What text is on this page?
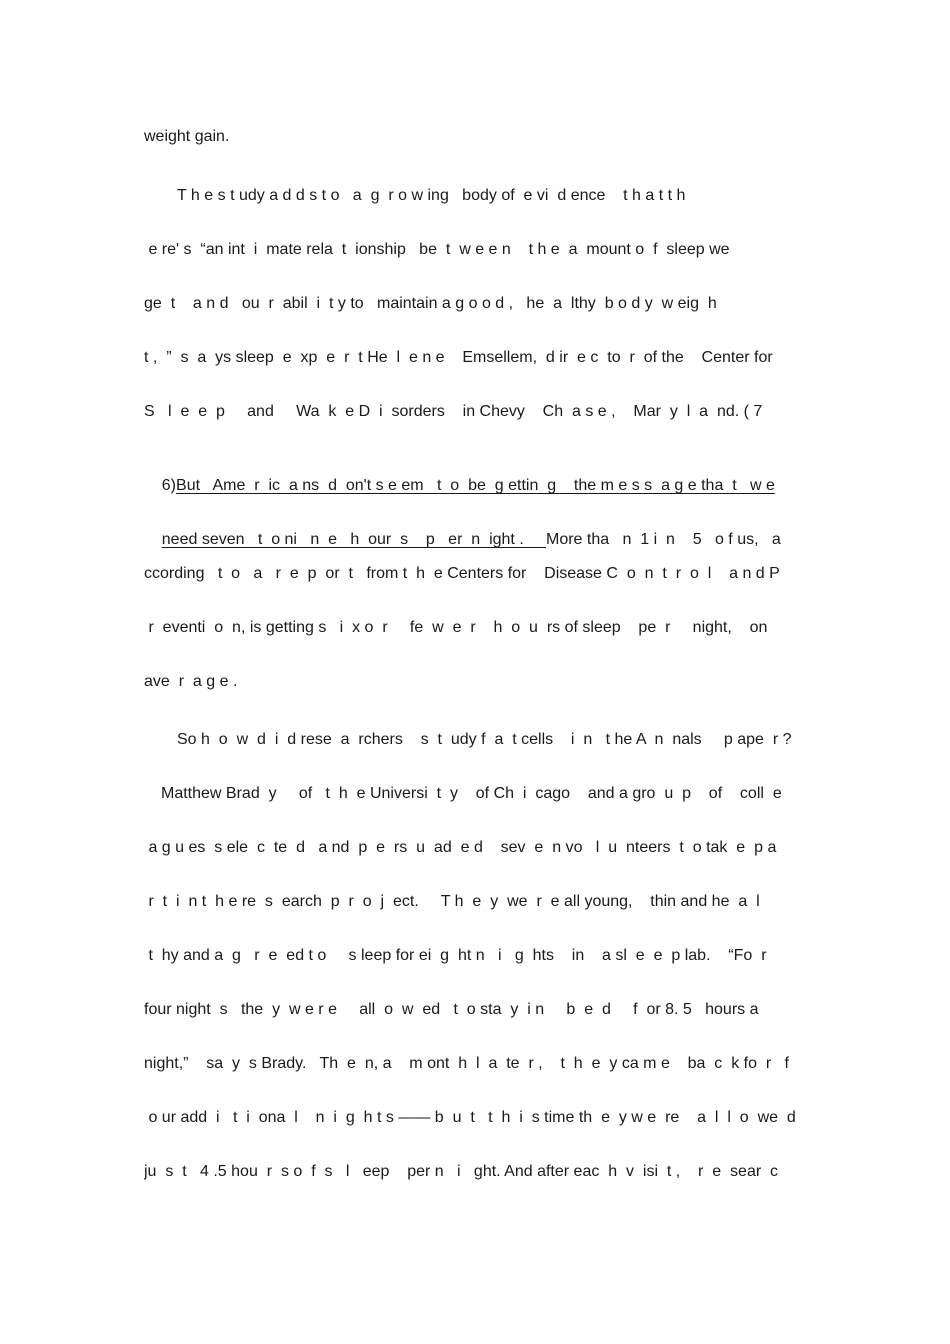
weight gain.
T h e s t udy a d d s t o   a  g  r o w ing   body of  e vi  d ence    t h a t t h
e re' s  “an int  i  mate rela  t  ionship   be  t  w e e n    t h e  a  mount o  f  sleep we
ge  t    a n d   ou  r  abil  i  t y to   maintain a g o o d ,   he  a  lthy  b o d y  w eig  h
t ,  ”  s  a  ys sleep  e  xp  e  r  t He  l  e n e    Emsellem,  d ir  e c  to  r  of the    Center for
S   l  e  e  p     and     Wa  k  e D  i  sorders    in Chevy    Ch  a s e ,    Mar  y  l  a  nd. ( 7

6)But   Ame  r  ic  a ns  d  on't s e em   t  o  be  g ettin  g    the m e s s  a g e tha  t   w e

need seven   t  o ni   n  e   h  our  s    p   er  n  ight .     More tha   n  1 i  n    5   o f us,   a

ccording   t  o   a   r  e  p  or  t   from t  h  e Centers for    Disease C  o  n  t  r  o  l    a n d P
r  eventi  o  n, is getting s   i  x o  r     fe  w  e  r    h  o  u  rs of sleep    pe  r     night,    on
ave  r  a g e .
So h  o  w  d  i  d rese  a  rchers    s  t  udy f  a  t cells    i  n   t he A  n  nals     p ape  r ?
Matthew Brad  y     of   t  h  e Universi  t  y    of Ch  i  cago    and a gro  u  p    of    coll  e
a g u es  s ele  c  te  d   a nd  p  e  rs  u  ad  e d    sev  e  n vo   l  u  nteers  t  o tak  e  p a
r  t  i  n t  h e re  s  earch  p  r  o  j  ect.     T h  e  y  we  r  e all young,    thin and he  a  l
t  hy and a  g   r  e  ed t o     s leep for ei  g  ht n   i   g  hts    in    a sl  e  e  p lab.    “Fo  r
four night  s   the  y  w e r e     all  o  w  ed   t  o sta  y  i n     b  e  d     f  or 8. 5   hours a
night,”    sa  y  s Brady.   Th  e  n, a    m ont  h  l  a  te  r ,    t  h  e  y ca m e    ba  c  k fo  r   f
o ur add  i   t  i  ona  l    n  i  g  h t s —— b  u  t   t  h  i  s time th  e  y w e  re    a  l  l  o  we  d
ju  s  t   4 .5 hou  r  s o  f  s   l   eep    per n   i   ght. And after eac  h  v  isi  t ,    r  e  sear  c
